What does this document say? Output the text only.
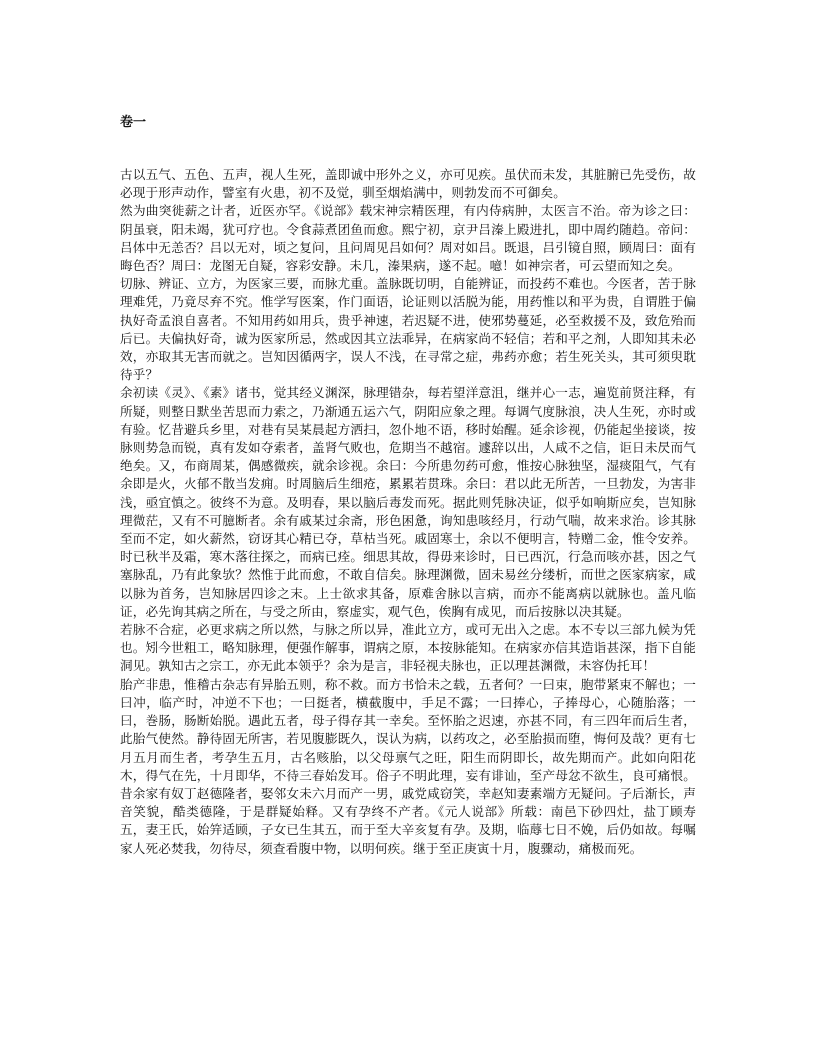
卷一

古以五气、五色、五声，视人生死，盖即诚中形外之义，亦可见疾。虽伏而未发，其脏腑已先受伤，故必现于形声动作，譬室有火患，初不及觉，驯至烟焰满中，则勃发而不可御矣。

然为曲突徙薪之计者，近医亦罕。《说部》载宋神宗精医理，有内侍病肿，太医言不治。帝为诊之曰：阴虽衰，阳未竭，犹可疗也。令食蒜煮团鱼而愈。熙宁初，京尹吕溱上殿进扎，即中周约随趋。帝问：吕体中无恙否？吕以无对，顷之复问，且问周见吕如何？周对如吕。既退，吕引镜自照，顾周曰：面有晦色否？周曰：龙图无自疑，容彩安静。未几，溱果病，遂不起。噫！如神宗者，可云望而知之矣。

切脉、辨证、立方，为医家三要，而脉尤重。盖脉既切明，自能辨证，而投药不难也。今医者，苦于脉理难凭，乃竟尽弃不究。惟学写医案，作门面语，论证则以活脱为能，用药惟以和平为贵，自谓胜于偏执好奇孟浪自喜者。不知用药如用兵，贵乎神速，若迟疑不进，使邪势蔓延，必至救援不及，致危殆而后已。夫偏执好奇，诚为医家所忌，然或因其立法乖异，在病家尚不轻信；若和平之剂，人即知其未必效，亦取其无害而就之。岂知因循两字，误人不浅，在寻常之症，弗药亦愈；若生死关头，其可须臾耽待乎？

余初读《灵》、《素》诸书，觉其经义渊深，脉理错杂，每若望洋意沮，继并心一志，遍览前贤注释，有所疑，则整日默坐苦思而力索之，乃渐通五运六气，阴阳应象之理。每调气度脉浪，决人生死，亦时或有验。忆昔避兵乡里，对巷有吴某晨起方洒扫，忽仆地不语，移时始醒。延余诊视，仍能起坐接谈，按脉则势急而锐，真有发如夺索者，盖肾气败也，危期当不越宿。遽辞以出，人咸不之信，讵日未昃而气绝矣。又，布商周某，偶感微疾，就余诊视。余曰：今所患勿药可愈，惟按心脉独坚，湿痰阻气，气有余即是火，火郁不散当发痈。时周脑后生细疮，累累若贯珠。余曰：君以此无所苦，一旦勃发，为害非浅，亟宜慎之。彼终不为意。及明春，果以脑后毒发而死。据此则凭脉决证，似乎如响斯应矣，岂知脉理微茫，又有不可臆断者。余有戚某过余斋，形色困惫，询知患咳经月，行动气喘，故来求治。诊其脉至而不定，如火薪然，窃讶其心精已夺，草枯当死。戚固寒士，余以不便明言，特赠二金，惟令安养。时已秋半及霜，寒木落往探之，而病已痊。细思其故，得毋来诊时，日已西沉，行急而咳亦甚，因之气塞脉乱，乃有此象欤？然惟于此而愈，不敢自信矣。脉理渊微，固未易丝分缕析，而世之医家病家，咸以脉为首务，岂知脉居四诊之末。上士欲求其备，原难舍脉以言病，而亦不能离病以就脉也。盖凡临证，必先询其病之所在，与受之所由，察虚实，观气色，俟胸有成见，而后按脉以决其疑。

若脉不合症，必更求病之所以然，与脉之所以异，准此立方，或可无出入之虑。本不专以三部九候为凭也。矧今世粗工，略知脉理，便强作解事，谓病之原，本按脉能知。在病家亦信其造诣甚深，指下自能洞见。孰知古之宗工，亦无此本领乎？余为是言，非轻视夫脉也，正以理甚渊微，未容伪托耳！

胎产非患，惟稽古杂志有异胎五则，称不救。而方书恰未之载，五者何？一曰束，胞带紧束不解也；一曰冲，临产时，冲逆不下也；一曰挺者，横截腹中，手足不露；一曰捧心，子捧母心，心随胎落；一曰，巻肠，肠断始脱。遇此五者，母子得存其一幸矣。至怀胎之迟速，亦甚不同，有三四年而后生者，此胎气使然。静待固无所害，若见腹膨既久，误认为病，以药攻之，必至胎损而堕，悔何及哉？更有七月五月而生者，考孕生五月，古名赅胎，以父母禀气之旺，阳生而阴即长，故先期而产。此如向阳花木，得气在先，十月即华，不待三春始发耳。俗子不明此理，妄有诽讪，至产母忿不欲生，良可痛恨。昔余家有奴丁赵德隆者，娶邻女未六月而产一男，戚党咸窃笑，幸赵知妻素端方无疑问。子后渐长，声音笑貌，酷类德隆，于是群疑始释。又有孕终不产者。《元人说部》所载：南邑下砂四灶，盐丁顾寿五，妻王氏，始笄适顾，子女已生其五，而于至大辛亥复有孕。及期，临蓐七日不娩，后仍如故。每嘱家人死必焚我，勿待尽，须查看腹中物，以明何疾。继于至正庚寅十月，腹骤动，痛极而死。
